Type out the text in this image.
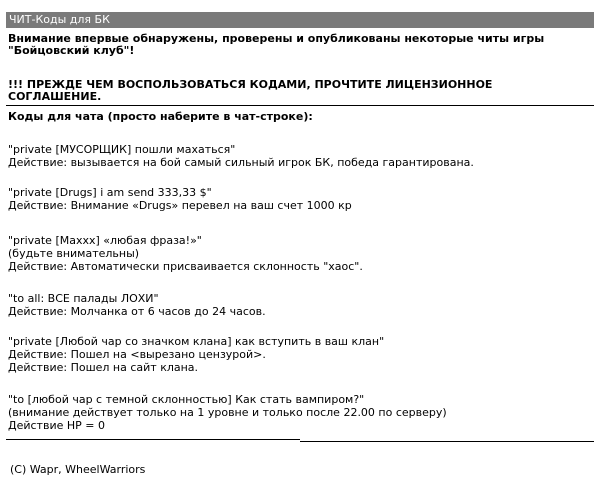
ЧИТ-Коды для БК
Внимание впервые обнаружены, проверены и опубликованы некоторые читы игры
"Бойцовский клуб"!
!!! ПРЕЖДЕ ЧЕМ ВОСПОЛЬЗОВАТЬСЯ КОДАМИ, ПРОЧТИТЕ ЛИЦЕНЗИОННОЕ
СОГЛАШЕНИЕ.
Коды для чата (просто наберите в чат-строке):
"private [МУСОРЩИК] пошли махаться"
Действие: вызывается на бой самый сильный игрок БК, победа гарантирована.
"private [Drugs] i am send 333,33 $"
Действие: Внимание «Drugs» перевел на ваш счет 1000 кр
"private [Maxxx] «любая фраза!»"
(будьте внимательны)
Действие: Автоматически присваивается склонность "хаос".
"to all: ВСЕ палады ЛОХИ"
Действие: Молчанка от 6 часов до 24 часов.
"private [Любой чар со значком клана] как вступить в ваш клан"
Действие: Пошел на <вырезано цензурой>.
Действие: Пошел на сайт клана.
"to [любой чар с темной склонностью] Как стать вампиром?"
(внимание действует только на 1 уровне и только после 22.00 по серверу)
Действие НР = 0
(C) Wapr, WheelWarriors
